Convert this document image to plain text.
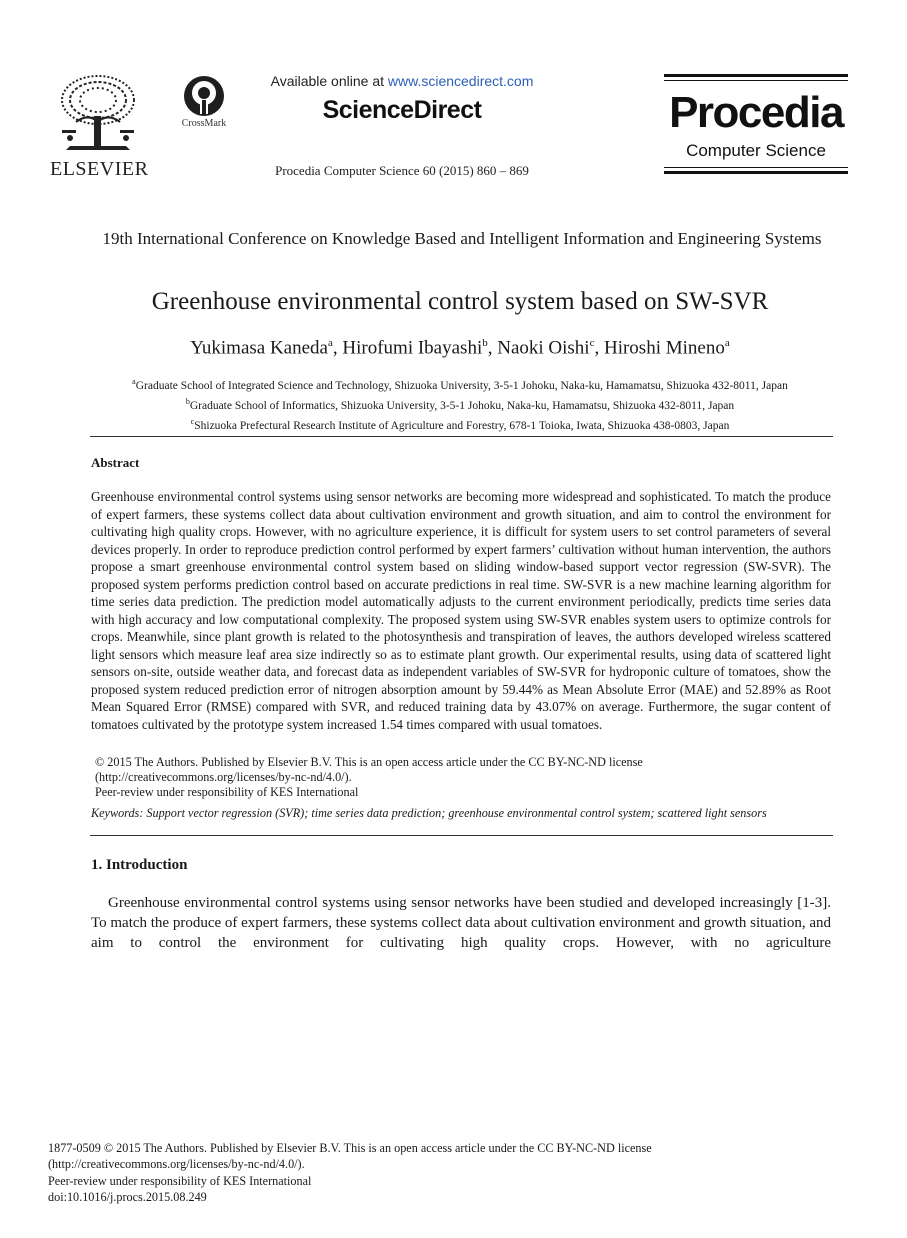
ELSEVIER
CrossMark
Available online at www.sciencedirect.com
ScienceDirect
Procedia Computer Science 60 (2015) 860 – 869
Procedia
Computer Science
19th International Conference on Knowledge Based and Intelligent Information and Engineering Systems
Greenhouse environmental control system based on SW-SVR
Yukimasa Kaneda$^a$, Hirofumi Ibayashi$^b$, Naoki Oishi$^c$, Hiroshi Mineno$^a$
$^a$Graduate School of Integrated Science and Technology, Shizuoka University, 3-5-1 Johoku, Naka-ku, Hamamatsu, Shizuoka 432-8011, Japan
$^b$Graduate School of Informatics, Shizuoka University, 3-5-1 Johoku, Naka-ku, Hamamatsu, Shizuoka 432-8011, Japan
$^c$Shizuoka Prefectural Research Institute of Agriculture and Forestry, 678-1 Toioka, Iwata, Shizuoka 438-0803, Japan
Abstract
Greenhouse environmental control systems using sensor networks are becoming more widespread and sophisticated. To match the produce of expert farmers, these systems collect data about cultivation environment and growth situation, and aim to control the environment for cultivating high quality crops. However, with no agriculture experience, it is difficult for system users to set control parameters of several devices properly. In order to reproduce prediction control performed by expert farmers’ cultivation without human intervention, the authors propose a smart greenhouse environmental control system based on sliding window-based support vector regression (SW-SVR). The proposed system performs prediction control based on accurate predictions in real time. SW-SVR is a new machine learning algorithm for time series data prediction. The prediction model automatically adjusts to the current environment periodically, predicts time series data with high accuracy and low computational complexity. The proposed system using SW-SVR enables system users to optimize controls for crops. Meanwhile, since plant growth is related to the photosynthesis and transpiration of leaves, the authors developed wireless scattered light sensors which measure leaf area size indirectly so as to estimate plant growth. Our experimental results, using data of scattered light sensors on-site, outside weather data, and forecast data as independent variables of SW-SVR for hydroponic culture of tomatoes, show the proposed system reduced prediction error of nitrogen absorption amount by 59.44% as Mean Absolute Error (MAE) and 52.89% as Root Mean Squared Error (RMSE) compared with SVR, and reduced training data by 43.07% on average. Furthermore, the sugar content of tomatoes cultivated by the prototype system increased 1.54 times compared with usual tomatoes.
© 2015 The Authors. Published by Elsevier B.V. This is an open access article under the CC BY-NC-ND license
(http://creativecommons.org/licenses/by-nc-nd/4.0/).
Peer-review under responsibility of KES International
Keywords: Support vector regression (SVR); time series data prediction; greenhouse environmental control system; scattered light sensors
1. Introduction
Greenhouse environmental control systems using sensor networks have been studied and developed increasingly [1-3]. To match the produce of expert farmers, these systems collect data about cultivation environment and growth situation, and aim to control the environment for cultivating high quality crops. However, with no agriculture
1877-0509 © 2015 The Authors. Published by Elsevier B.V. This is an open access article under the CC BY-NC-ND license
(http://creativecommons.org/licenses/by-nc-nd/4.0/).
Peer-review under responsibility of KES International
doi:10.1016/j.procs.2015.08.249
